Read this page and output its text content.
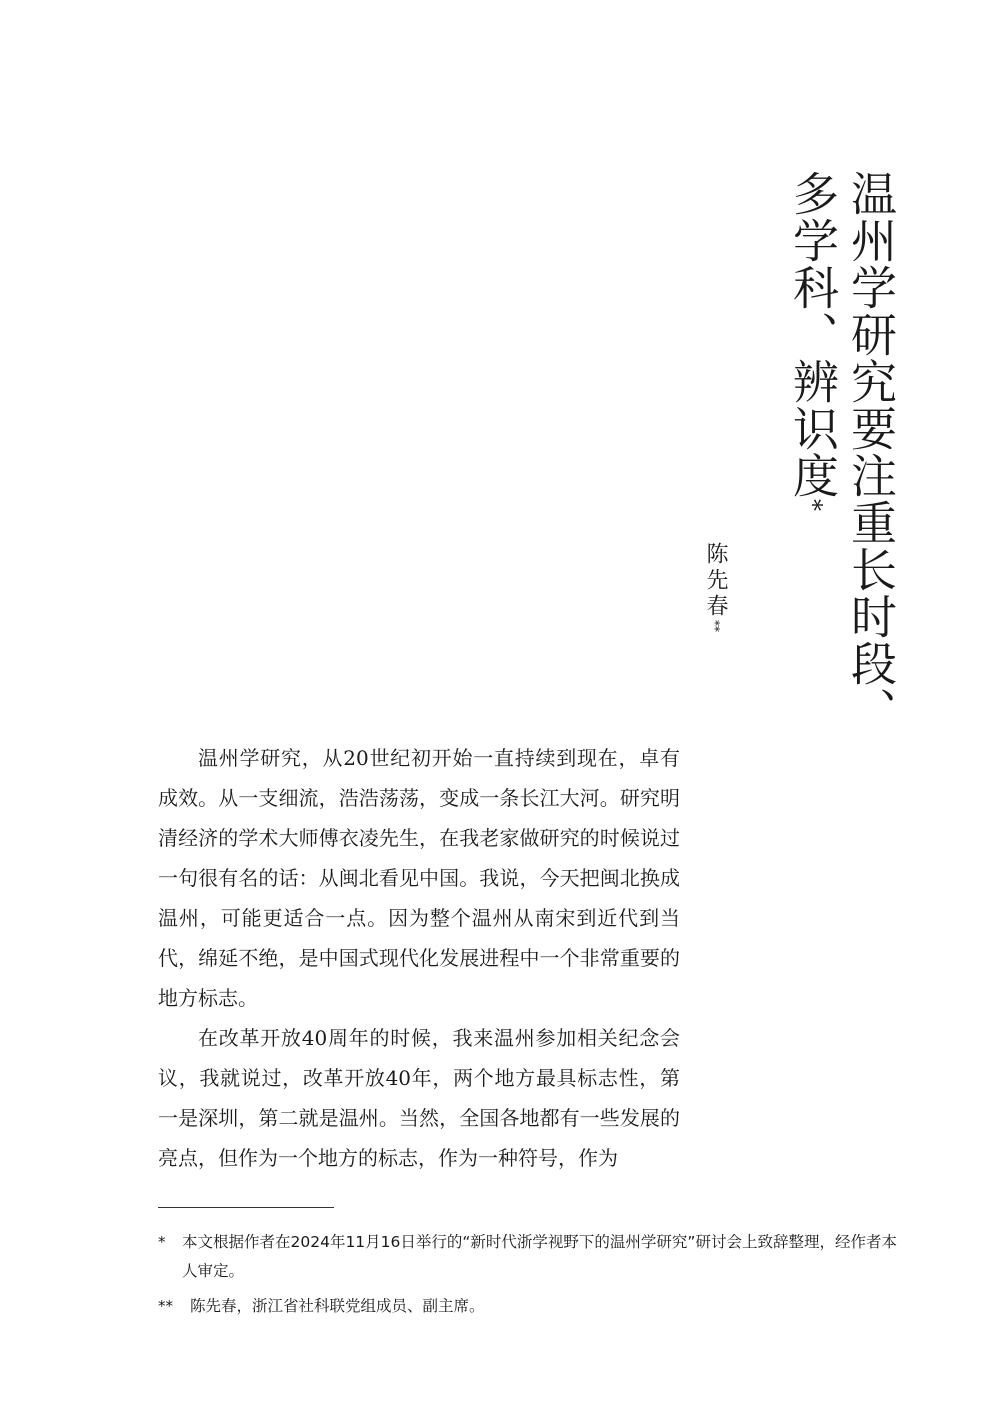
温州学研究要注重长时段、
多学科、辨识度*
陈先春**

温州学研究，从20世纪初开始一直持续到现在，卓有成效。从一支细流，浩浩荡荡，变成一条长江大河。研究明清经济的学术大师傅衣凌先生，在我老家做研究的时候说过一句很有名的话：从闽北看见中国。我说，今天把闽北换成温州，可能更适合一点。因为整个温州从南宋到近代到当代，绵延不绝，是中国式现代化发展进程中一个非常重要的地方标志。

在改革开放40周年的时候，我来温州参加相关纪念会议，我就说过，改革开放40年，两个地方最具标志性，第一是深圳，第二就是温州。当然，全国各地都有一些发展的亮点，但作为一个地方的标志，作为一种符号，作为

* 本文根据作者在2024年11月16日举行的“新时代浙学视野下的温州学研究”研讨会上致辞整理，经作者本人审定。
** 陈先春，浙江省社科联党组成员、副主席。
